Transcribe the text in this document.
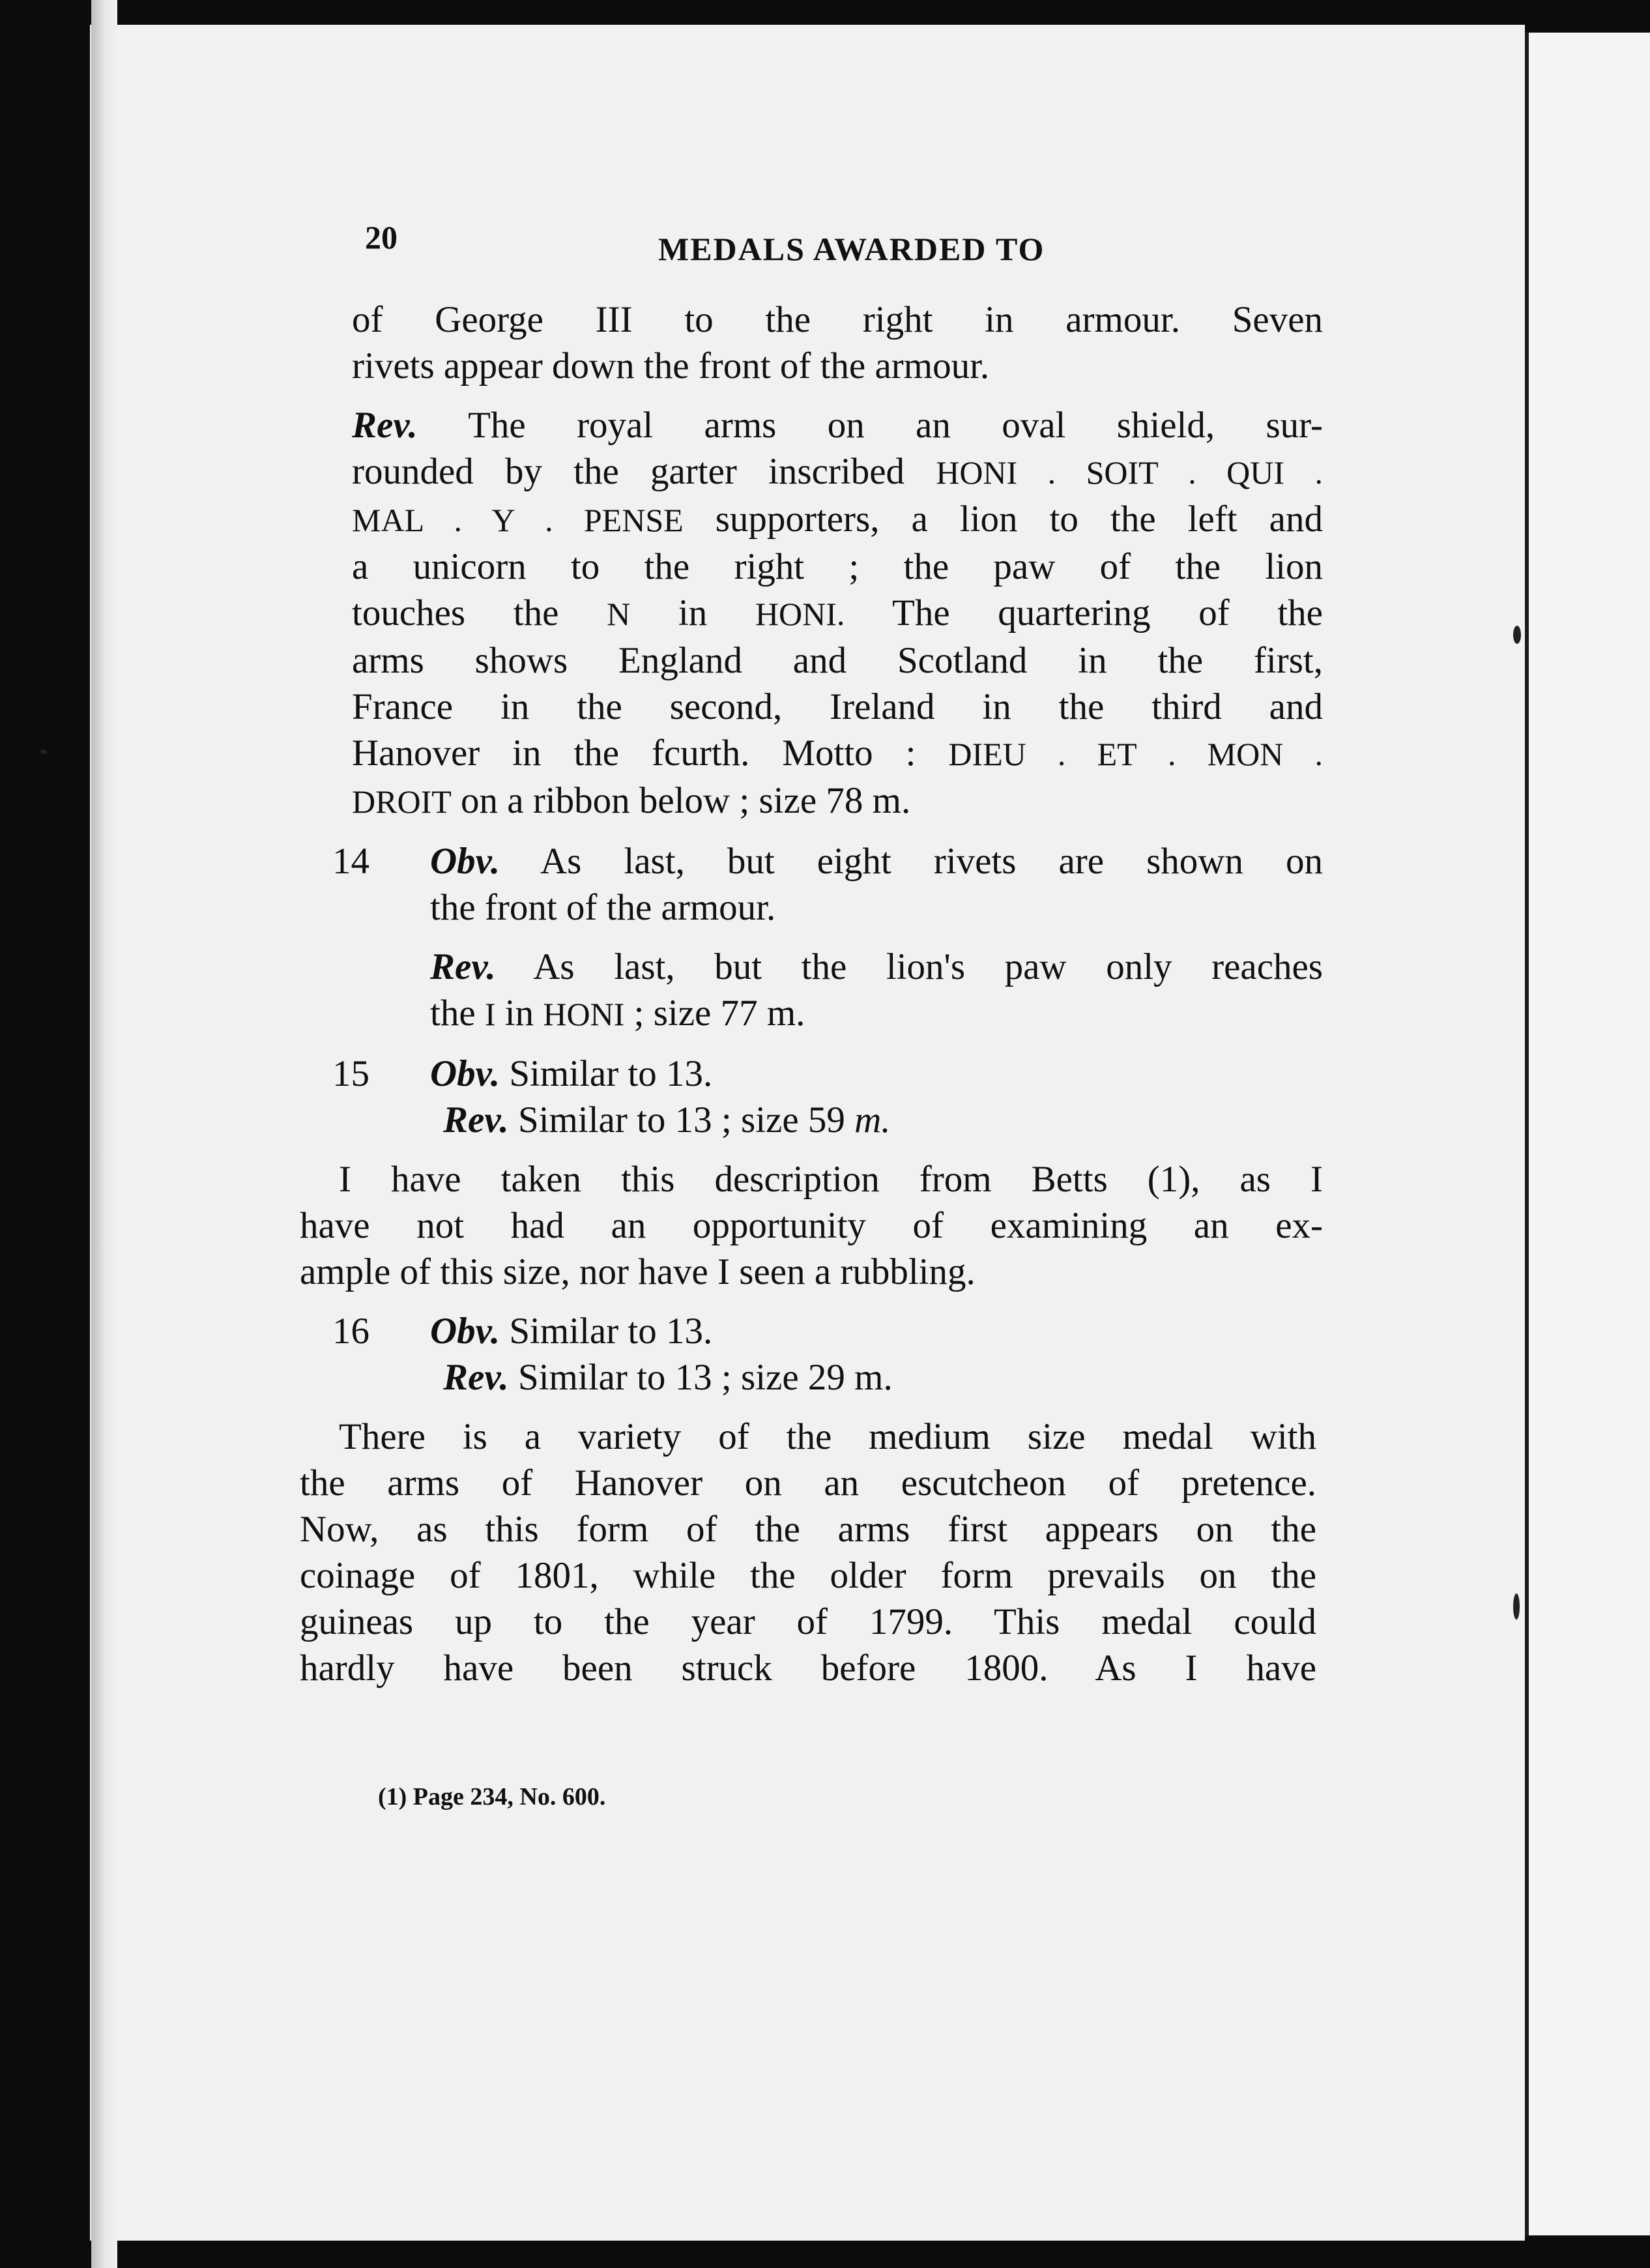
20	MEDALS AWARDED TO
of George III to the right in armour. Seven
rivets appear down the front of the armour.
Rev. The royal arms on an oval shield, sur-
rounded by the garter inscribed HONI . SOIT . QUI .
MAL . Y . PENSE supporters, a lion to the left and
a unicorn to the right ; the paw of the lion
touches the N in HONI. The quartering of the
arms shows England and Scotland in the first,
France in the second, Ireland in the third and
Hanover in the fcurth. Motto : DIEU . ET . MON .
DROIT on a ribbon below ; size 78 m.
14	Obv. As last, but eight rivets are shown on
the front of the armour.
Rev. As last, but the lion's paw only reaches
the I in HONI ; size 77 m.
15	Obv. Similar to 13.
Rev. Similar to 13 ; size 59 m.
I have taken this description from Betts (1), as I
have not had an opportunity of examining an ex-
ample of this size, nor have I seen a rubbling.
16	Obv. Similar to 13.
Rev. Similar to 13 ; size 29 m.
There is a variety of the medium size medal with
the arms of Hanover on an escutcheon of pretence.
Now, as this form of the arms first appears on the
coinage of 1801, while the older form prevails on the
guineas up to the year of 1799. This medal could
hardly have been struck before 1800. As I have
(1) Page 234, No. 600.
